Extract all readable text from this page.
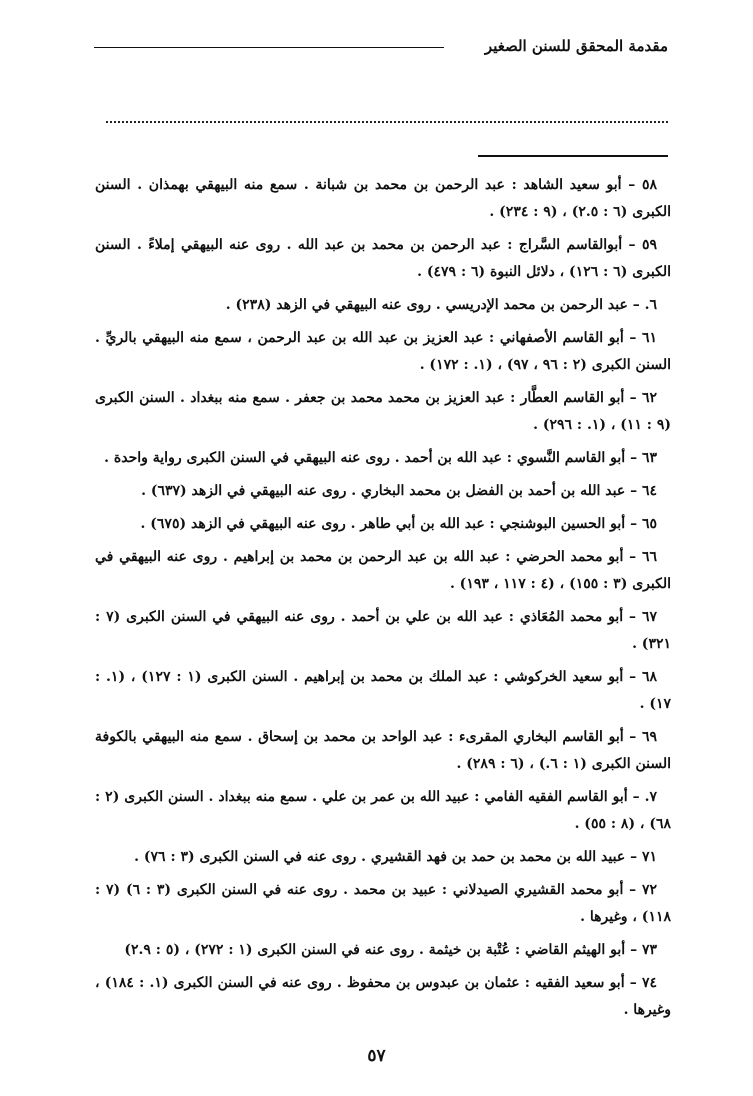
مقدمة المحقق للسنن الصغير

٥٨ – أبو سعيد الشاهد : عبد الرحمن بن محمد بن شبانة . سمع منه البيهقي بهمذان . السنن الكبرى (٦ : ٢.٥) ، (٩ : ٢٣٤) .

٥٩ – أبوالقاسم السَّراج : عبد الرحمن بن محمد بن عبد الله . روى عنه البيهقي إملاءً . السنن الكبرى (٦ : ١٢٦) ، دلائل النبوة (٦ : ٤٧٩) .

٦. – عبد الرحمن بن محمد الإدريسي . روى عنه البيهقي في الزهد (٢٣٨) .

٦١ – أبو القاسم الأصفهاني : عبد العزيز بن عبد الله بن عبد الرحمن ، سمع منه البيهقي بالريِّ . السنن الكبرى (٢ : ٩٦ ، ٩٧) ، (١. : ١٧٢) .

٦٢ – أبو القاسم العطَّار : عبد العزيز بن محمد محمد بن جعفر . سمع منه ببغداد . السنن الكبرى (٩ : ١١) ، (١. : ٢٩٦) .

٦٣ – أبو القاسم النَّسوي : عبد الله بن أحمد . روى عنه البيهقي في السنن الكبرى رواية واحدة .

٦٤ – عبد الله بن أحمد بن الفضل بن محمد البخاري . روى عنه البيهقي في الزهد (٦٣٧) .

٦٥ – أبو الحسين البوشنجي : عبد الله بن أبي طاهر . روى عنه البيهقي في الزهد (٦٧٥) .

٦٦ – أبو محمد الحرضي : عبد الله بن عبد الرحمن بن محمد بن إبراهيم . روى عنه البيهقي في الكبرى (٣ : ١٥٥) ، (٤ : ١١٧ ، ١٩٣) .

٦٧ – أبو محمد المُعَاذي : عبد الله بن علي بن أحمد . روى عنه البيهقي في السنن الكبرى (٧ : ٣٢١) .

٦٨ – أبو سعيد الخركوشي : عبد الملك بن محمد بن إبراهيم . السنن الكبرى (١ : ١٢٧) ، (١. : ١٧) .

٦٩ – أبو القاسم البخاري المقرىء : عبد الواحد بن محمد بن إسحاق . سمع منه البيهقي بالكوفة السنن الكبرى (١ : ٦.) ، (٦ : ٢٨٩) .

٧. – أبو القاسم الفقيه الفامي : عبيد الله بن عمر بن علي . سمع منه ببغداد . السنن الكبرى (٢ : ٦٨) ، (٨ : ٥٥) .

٧١ – عبيد الله بن محمد بن حمد بن فهد القشيري . روى عنه في السنن الكبرى (٣ : ٧٦) .

٧٢ – أبو محمد القشيري الصيدلاني : عبيد بن محمد . روى عنه في السنن الكبرى (٣ : ٦) (٧ : ١١٨) ، وغيرها .

٧٣ – أبو الهيثم القاضي : عُتْبة بن خيثمة . روى عنه في السنن الكبرى (١ : ٢٧٢) ، (٥ : ٢.٩)

٧٤ – أبو سعيد الفقيه : عثمان بن عبدوس بن محفوظ . روى عنه في السنن الكبرى (١. : ١٨٤) ، وغيرها .

٥٧
